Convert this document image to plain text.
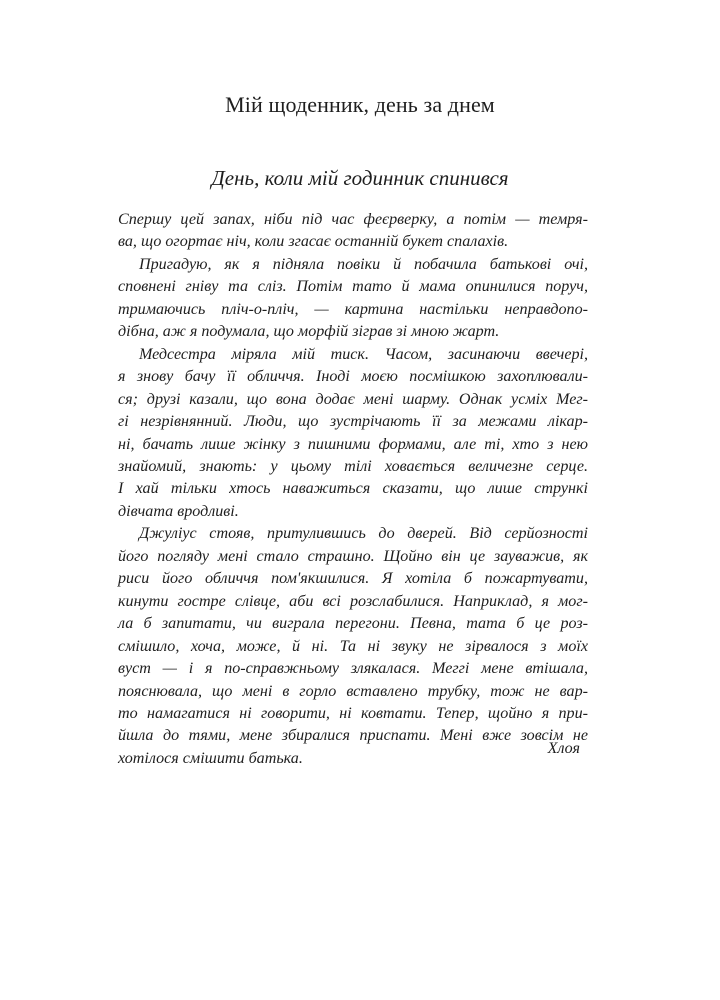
Мій щоденник, день за днем
День, коли мій годинник спинився
Спершу цей запах, ніби під час феєрверку, а потім — темря-
ва, що огортає ніч, коли згасає останній букет спалахів.
Пригадую, як я підняла повіки й побачила батькові очі,
сповнені гніву та сліз. Потім тато й мама опинилися поруч,
тримаючись пліч-о-пліч, — картина настільки неправдопо-
дібна, аж я подумала, що морфій зіграв зі мною жарт.
Медсестра міряла мій тиск. Часом, засинаючи ввечері,
я знову бачу її обличчя. Іноді моєю посмішкою захоплювали-
ся; друзі казали, що вона додає мені шарму. Однак усміх Мег-
гі незрівнянний. Люди, що зустрічають її за межами лікар-
ні, бачать лише жінку з пишними формами, але ті, хто з нею
знайомий, знають: у цьому тілі ховається величезне серце.
І хай тільки хтось наважиться сказати, що лише стрункі
дівчата вродливі.
Джуліус стояв, притулившись до дверей. Від серйозності
його погляду мені стало страшно. Щойно він це зауважив, як
риси його обличчя пом'якшилися. Я хотіла б пожартувати,
кинути гостре слівце, аби всі розслабилися. Наприклад, я мог-
ла б запитати, чи виграла перегони. Певна, тата б це роз-
смішило, хоча, може, й ні. Та ні звуку не зірвалося з моїх
вуст — і я по-справжньому злякалася. Меггі мене втішала,
пояснювала, що мені в горло вставлено трубку, тож не вар-
то намагатися ні говорити, ні ковтати. Тепер, щойно я при-
йшла до тями, мене збиралися приспати. Мені вже зовсім не
хотілося смішити батька.
Хлоя
